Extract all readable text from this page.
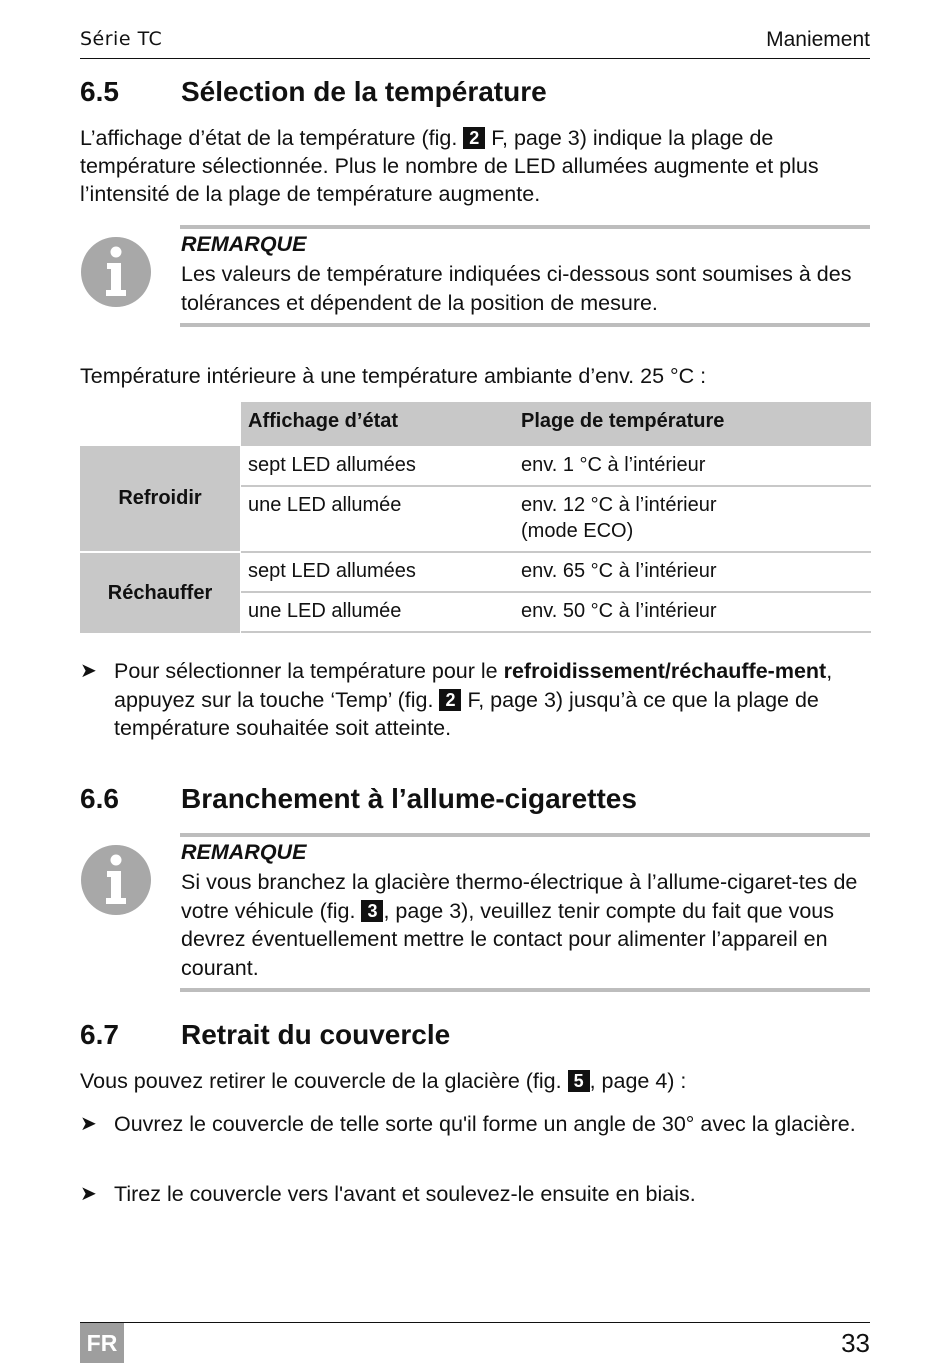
Série TC	Maniement
6.5 Sélection de la température
L’affichage d’état de la température (fig. 2 F, page 3) indique la plage de température sélectionnée. Plus le nombre de LED allumées augmente et plus l’intensité de la plage de température augmente.
REMARQUE
Les valeurs de température indiquées ci-dessous sont soumises à des tolérances et dépendent de la position de mesure.
Température intérieure à une température ambiante d’env. 25 °C :
Affichage d’état	Plage de température
Refroidir
sept LED allumées	env. 1 °C à l’intérieur
une LED allumée	env. 12 °C à l’intérieur
(mode ECO)
Réchauffer
sept LED allumées	env. 65 °C à l’intérieur
une LED allumée	env. 50 °C à l’intérieur
➤ Pour sélectionner la température pour le refroidissement/réchauffe-ment, appuyez sur la touche ‘Temp’ (fig. 2 F, page 3) jusqu’à ce que la plage de température souhaitée soit atteinte.
6.6 Branchement à l’allume-cigarettes
REMARQUE
Si vous branchez la glacière thermo-électrique à l’allume-cigaret-tes de votre véhicule (fig. 3 , page 3), veuillez tenir compte du fait que vous devrez éventuellement mettre le contact pour alimenter l’appareil en courant.
6.7 Retrait du couvercle
Vous pouvez retirer le couvercle de la glacière (fig. 5 , page 4) :
➤ Ouvrez le couvercle de telle sorte qu'il forme un angle de 30° avec la glacière.
➤ Tirez le couvercle vers l'avant et soulevez-le ensuite en biais.
FR	33
